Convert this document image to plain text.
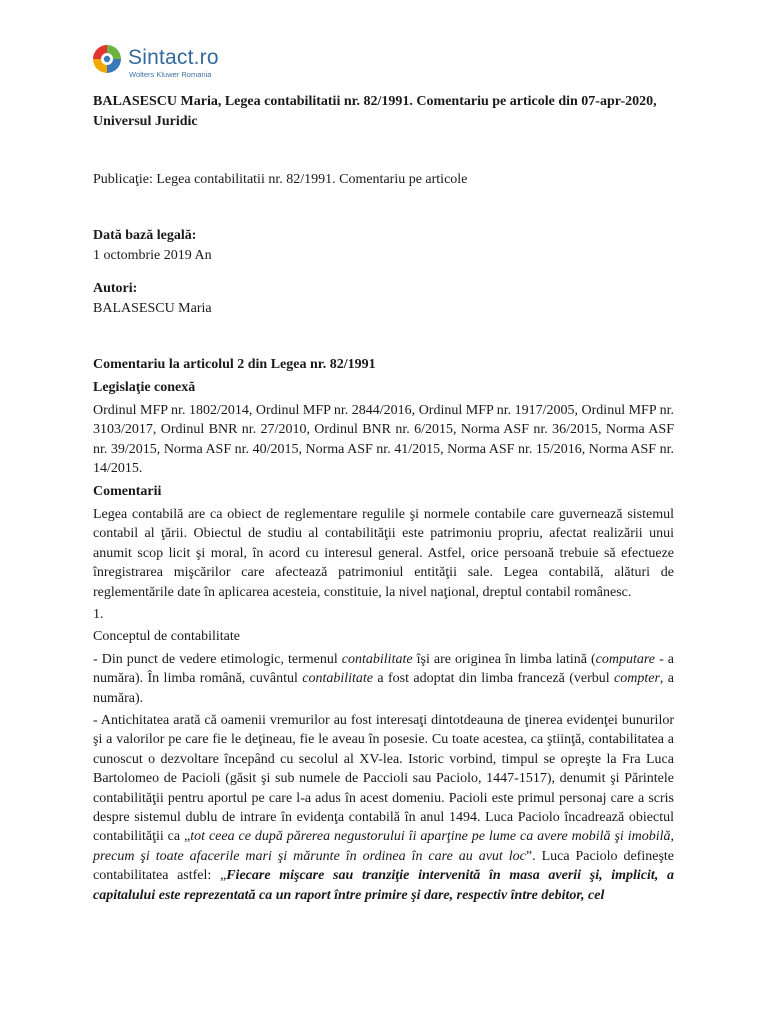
Sintact.ro
Wolters Kluwer Romania

BALASESCU Maria, Legea contabilitatii nr. 82/1991. Comentariu pe articole din 07-apr-2020, Universul Juridic

Publicaţie: Legea contabilitatii nr. 82/1991. Comentariu pe articole
Dată bază legală:
1 octombrie 2019 An
Autori:
BALASESCU Maria
Comentariu la articolul 2 din Legea nr. 82/1991
Legislaţie conexă
Ordinul MFP nr. 1802/2014, Ordinul MFP nr. 2844/2016, Ordinul MFP nr. 1917/2005, Ordinul MFP nr. 3103/2017, Ordinul BNR nr. 27/2010, Ordinul BNR nr. 6/2015, Norma ASF nr. 36/2015, Norma ASF nr. 39/2015, Norma ASF nr. 40/2015, Norma ASF nr. 41/2015, Norma ASF nr. 15/2016, Norma ASF nr. 14/2015.
Comentarii
Legea contabilă are ca obiect de reglementare regulile şi normele contabile care guvernează sistemul contabil al ţării. Obiectul de studiu al contabilităţii este patrimoniu propriu, afectat realizării unui anumit scop licit şi moral, în acord cu interesul general. Astfel, orice persoană trebuie să efectueze înregistrarea mişcărilor care afectează patrimoniul entităţii sale. Legea contabilă, alături de reglementările date în aplicarea acesteia, constituie, la nivel naţional, dreptul contabil românesc.
1.
Conceptul de contabilitate
- Din punct de vedere etimologic, termenul contabilitate îşi are originea în limba latină (computare - a număra). În limba română, cuvântul contabilitate a fost adoptat din limba franceză (verbul compter, a număra).
- Antichitatea arată că oamenii vremurilor au fost interesaţi dintotdeauna de ţinerea evidenţei bunurilor şi a valorilor pe care fie le deţineau, fie le aveau în posesie. Cu toate acestea, ca ştiinţă, contabilitatea a cunoscut o dezvoltare începând cu secolul al XV-lea. Istoric vorbind, timpul se opreşte la Fra Luca Bartolomeo de Pacioli (găsit şi sub numele de Paccioli sau Paciolo, 1447-1517), denumit şi Părintele contabilităţii pentru aportul pe care l-a adus în acest domeniu. Pacioli este primul personaj care a scris despre sistemul dublu de intrare în evidenţa contabilă în anul 1494. Luca Paciolo încadrează obiectul contabilităţii ca „tot ceea ce după părerea negustorului îi aparţine pe lume ca avere mobilă şi imobilă, precum şi toate afacerile mari şi mărunte în ordinea în care au avut loc”. Luca Paciolo defineşte contabilitatea astfel: „Fiecare mişcare sau tranziţie intervenită în masa averii şi, implicit, a capitalului este reprezentată ca un raport între primire şi dare, respectiv între debitor, cel
